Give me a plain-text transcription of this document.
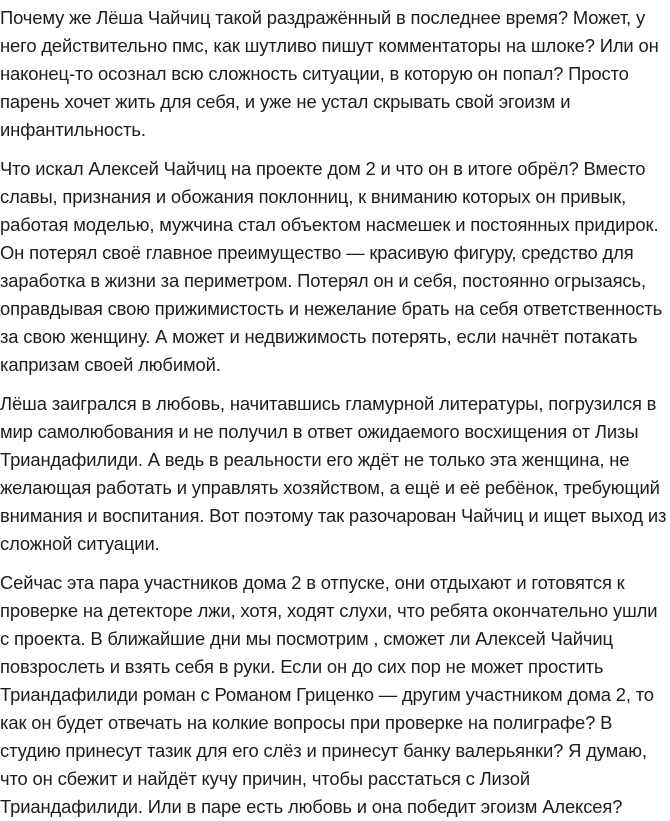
Почему же Лёша Чайчиц такой раздражённый в последнее время? Может, у него действительно пмс, как шутливо пишут комментаторы на шлоке? Или он наконец-то осознал всю сложность ситуации, в которую он попал? Просто парень хочет жить для себя, и уже не устал скрывать свой эгоизм и инфантильность.

Что искал Алексей Чайчиц на проекте дом 2 и что он в итоге обрёл? Вместо славы, признания и обожания поклонниц, к вниманию которых он привык, работая моделью, мужчина стал объектом насмешек и постоянных придирок. Он потерял своё главное преимущество — красивую фигуру, средство для заработка в жизни за периметром. Потерял он и себя, постоянно огрызаясь, оправдывая свою прижимистость и нежелание брать на себя ответственность за свою женщину. А может и недвижимость потерять, если начнёт потакать капризам своей любимой.

Лёша заигрался в любовь, начитавшись гламурной литературы, погрузился в мир самолюбования и не получил в ответ ожидаемого восхищения от Лизы Триандафилиди. А ведь в реальности его ждёт не только эта женщина, не желающая работать и управлять хозяйством, а ещё и её ребёнок, требующий внимания и воспитания. Вот поэтому так разочарован Чайчиц и ищет выход из сложной ситуации.

Сейчас эта пара участников дома 2 в отпуске, они отдыхают и готовятся к проверке на детекторе лжи, хотя, ходят слухи, что ребята окончательно ушли с проекта. В ближайшие дни мы посмотрим , сможет ли Алексей Чайчиц повзрослеть и взять себя в руки. Если он до сих пор не может простить Триандафилиди роман с Романом Гриценко — другим участником дома 2, то как он будет отвечать на колкие вопросы при проверке на полиграфе? В студию принесут тазик для его слёз и принесут банку валерьянки? Я думаю, что он сбежит и найдёт кучу причин, чтобы расстаться с Лизой Триандафилиди. Или в паре есть любовь и она победит эгоизм Алексея?
